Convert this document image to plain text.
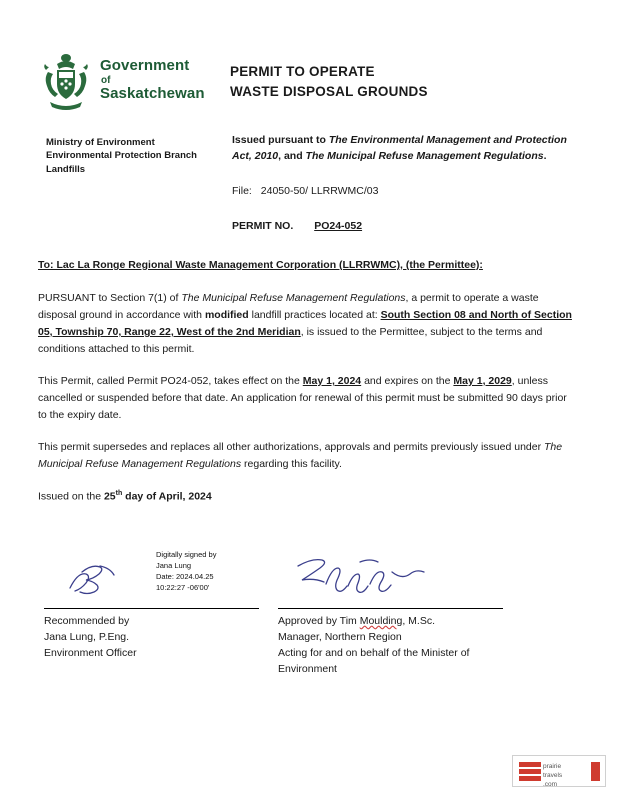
Government
of
Saskatchewan
PERMIT TO OPERATE
WASTE DISPOSAL GROUNDS
Ministry of Environment
Environmental Protection Branch
Landfills
Issued pursuant to The Environmental Management and Protection Act, 2010, and The Municipal Refuse Management Regulations.
File: 24050-50/ LLRRWMC/03
PERMIT NO. PO24-052
To: Lac La Ronge Regional Waste Management Corporation (LLRRWMC), (the Permittee):

PURSUANT to Section 7(1) of The Municipal Refuse Management Regulations, a permit to operate a waste disposal ground in accordance with modified landfill practices located at: South Section 08 and North of Section 05, Township 70, Range 22, West of the 2nd Meridian, is issued to the Permittee, subject to the terms and conditions attached to this permit.

This Permit, called Permit PO24-052, takes effect on the May 1, 2024 and expires on the May 1, 2029, unless cancelled or suspended before that date. An application for renewal of this permit must be submitted 90 days prior to the expiry date.

This permit supersedes and replaces all other authorizations, approvals and permits previously issued under The Municipal Refuse Management Regulations regarding this facility.

Issued on the 25th day of April, 2024

Digitally signed by
Jana Lung
Date: 2024.04.25
10:22:27 -06'00'
Recommended by
Jana Lung, P.Eng.
Environment Officer
Approved by Tim Moulding, M.Sc.
Manager, Northern Region
Acting for and on behalf of the Minister of
Environment
prairie
travels
.com
